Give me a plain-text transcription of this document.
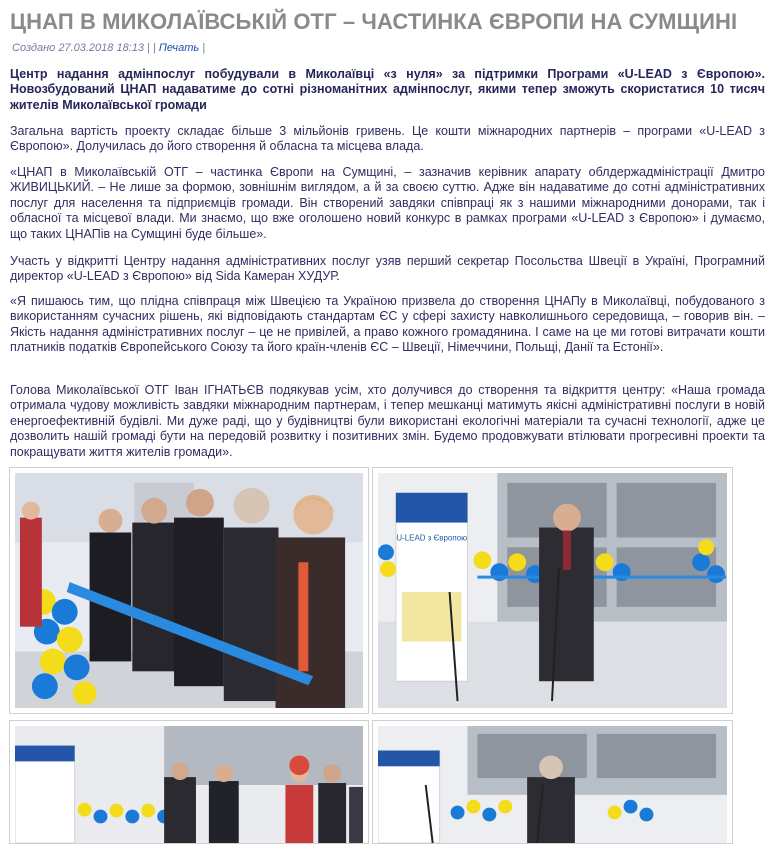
ЦНАП В МИКОЛАЇВСЬКІЙ ОТГ – ЧАСТИНКА ЄВРОПИ НА СУМЩИНІ
Создано 27.03.2018 18:13 | | Печать |

Центр надання адмінпослуг побудували в Миколаївці «з нуля» за підтримки Програми «U-LEAD з Європою». Новозбудований ЦНАП надаватиме до сотні різноманітних адмінпослуг, якими тепер зможуть скористатися 10 тисяч жителів Миколаївської громади

Загальна вартість проекту складає більше 3 мільйонів гривень. Це кошти міжнародних партнерів – програми «U-LEAD з Європою». Долучилась до його створення й обласна та місцева влада.

«ЦНАП в Миколаївській ОТГ – частинка Європи на Сумщині, – зазначив керівник апарату облдержадміністрації Дмитро ЖИВИЦЬКИЙ. – Не лише за формою, зовнішнім виглядом, а й за своєю суттю. Адже він надаватиме до сотні адміністративних послуг для населення та підприємців громади. Він створений завдяки співпраці як з нашими міжнародними донорами, так і обласної та місцевої влади. Ми знаємо, що вже оголошено новий конкурс в рамках програми «U-LEAD з Європою» і думаємо, що таких ЦНАПів на Сумщині буде більше».

Участь у відкритті Центру надання адміністративних послуг узяв перший секретар Посольства Швеції в Україні, Програмний директор «U-LEAD з Європою» від Sida Камеран ХУДУР.

«Я пишаюсь тим, що плідна співпраця між Швецією та Україною призвела до створення ЦНАПу в Миколаївці, побудованого з використанням сучасних рішень, які відповідають стандартам ЄС у сфері захисту навколишнього середовища, – говорив він. – Якість надання адміністративних послуг – це не привілей, а право кожного громадянина. І саме на це ми готові витрачати кошти платників податків Європейського Союзу та його країн-членів ЄС – Швеції, Німеччини, Польщі, Данії та Естонії».

Голова Миколаївської ОТГ Іван ІГНАТЬЄВ подякував усім, хто долучився до створення та відкриття центру: «Наша громада отримала чудову можливість завдяки міжнародним партнерам, і тепер мешканці матимуть якісні адміністративні послуги в новій енергоефективній будівлі. Ми дуже раді, що у будівництві були використані екологічні матеріали та сучасні технології, адже це дозволить нашій громаді бути на передовій розвитку і позитивних змін. Будемо продовжувати втілювати прогресивні проекти та покращувати життя жителів громади».

U-LEAD з Європою
